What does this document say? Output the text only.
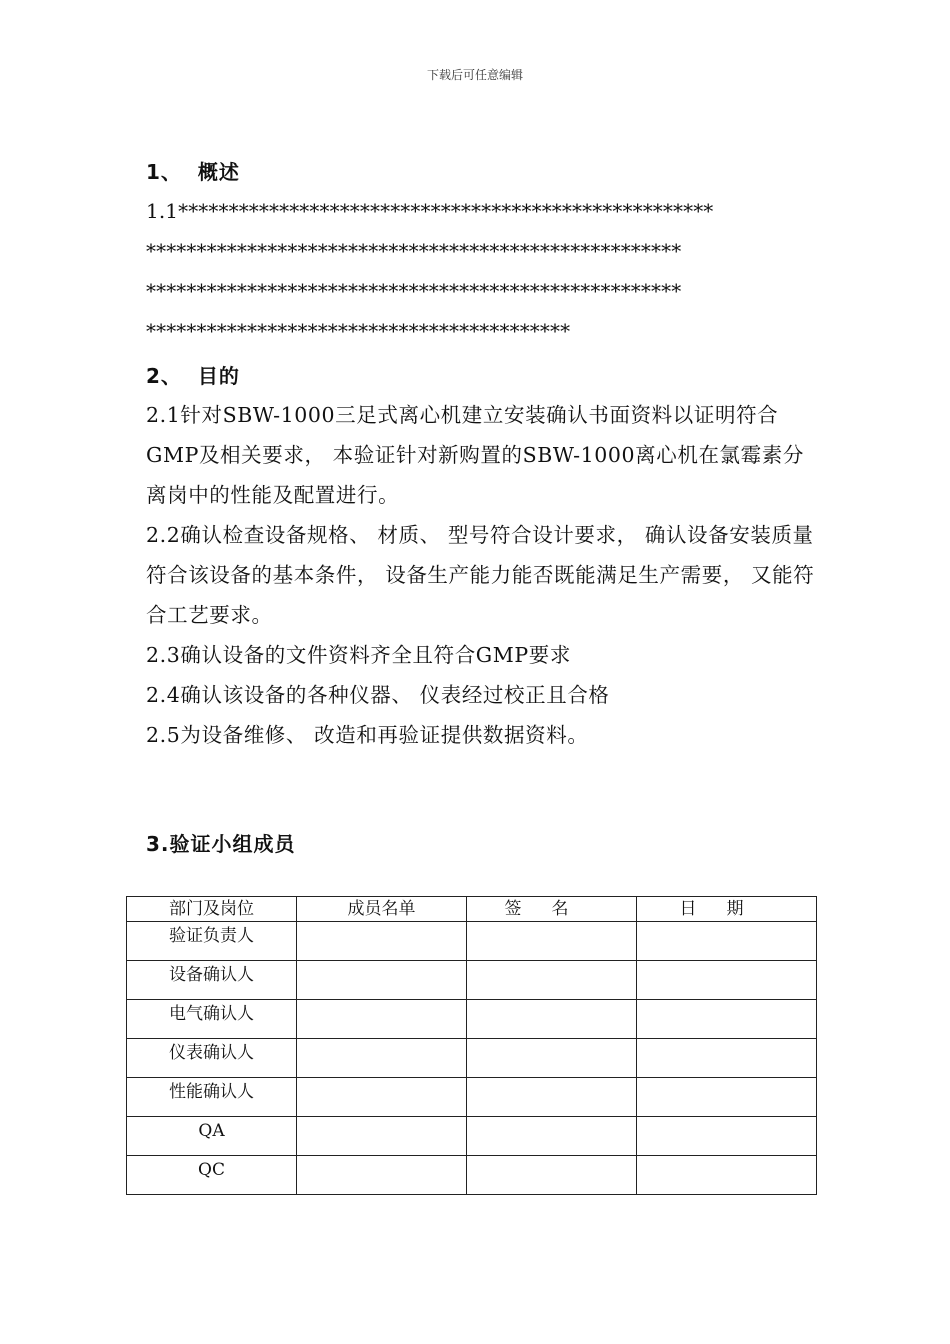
下载后可任意编辑
1、  概述
1.1*****************************************************
*****************************************************
*****************************************************
******************************************
2、  目的
2.1针对SBW-1000三足式离心机建立安装确认书面资料以证明符合GMP及相关要求， 本验证针对新购置的SBW-1000离心机在氯霉素分离岗中的性能及配置进行。
2.2确认检查设备规格、 材质、 型号符合设计要求， 确认设备安装质量符合该设备的基本条件， 设备生产能力能否既能满足生产需要， 又能符合工艺要求。
2.3确认设备的文件资料齐全且符合GMP要求
2.4确认该设备的各种仪器、 仪表经过校正且合格
2.5为设备维修、 改造和再验证提供数据资料。
3.验证小组成员
部门及岗位	成员名单	签名	日期
验证负责人			
设备确认人			
电气确认人			
仪表确认人			
性能确认人			
QA			
QC			
